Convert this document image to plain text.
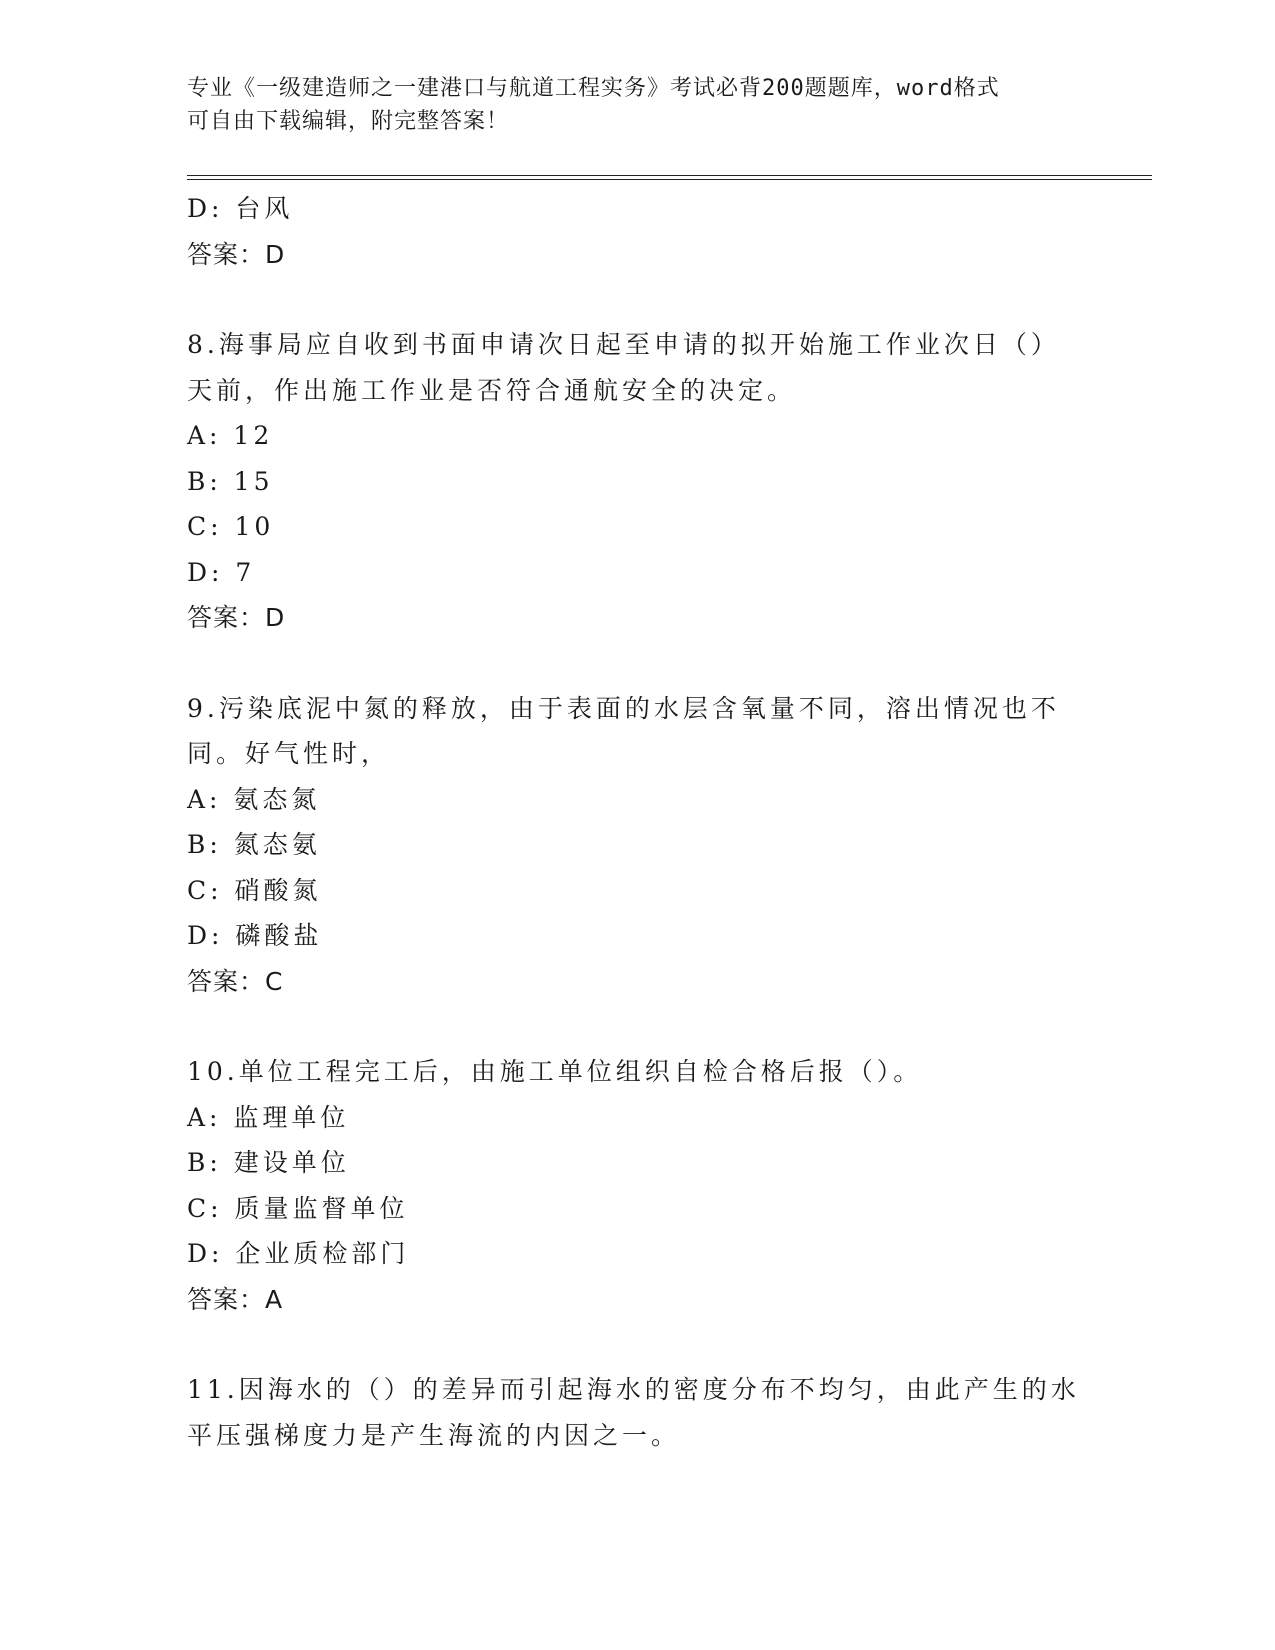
专业《一级建造师之一建港口与航道工程实务》考试必背200题题库，word格式
可自由下载编辑，附完整答案！
D: 台风
答案：D
8.海事局应自收到书面申请次日起至申请的拟开始施工作业次日（）
天前，作出施工作业是否符合通航安全的决定。
A: 12
B: 15
C: 10
D: 7
答案：D
9.污染底泥中氮的释放，由于表面的水层含氧量不同，溶出情况也不
同。好气性时，
A: 氨态氮
B: 氮态氨
C: 硝酸氮
D: 磷酸盐
答案：C
10.单位工程完工后，由施工单位组织自检合格后报（）。
A: 监理单位
B: 建设单位
C: 质量监督单位
D: 企业质检部门
答案：A
11.因海水的（）的差异而引起海水的密度分布不均匀，由此产生的水
平压强梯度力是产生海流的内因之一。
